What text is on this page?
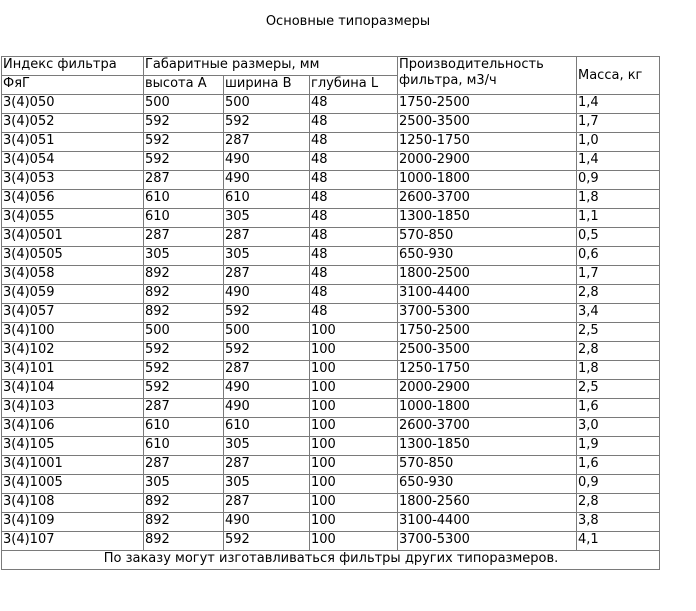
Основные типоразмеры
Индекс фильтра	Габаритные размеры, мм			Производительность фильтра, м3/ч	Масса, кг
ФяГ	высота А	ширина В	глубина L		
3(4)050	500	500	48	1750-2500	1,4
3(4)052	592	592	48	2500-3500	1,7
3(4)051	592	287	48	1250-1750	1,0
3(4)054	592	490	48	2000-2900	1,4
3(4)053	287	490	48	1000-1800	0,9
3(4)056	610	610	48	2600-3700	1,8
3(4)055	610	305	48	1300-1850	1,1
3(4)0501	287	287	48	570-850	0,5
3(4)0505	305	305	48	650-930	0,6
3(4)058	892	287	48	1800-2500	1,7
3(4)059	892	490	48	3100-4400	2,8
3(4)057	892	592	48	3700-5300	3,4
3(4)100	500	500	100	1750-2500	2,5
3(4)102	592	592	100	2500-3500	2,8
3(4)101	592	287	100	1250-1750	1,8
3(4)104	592	490	100	2000-2900	2,5
3(4)103	287	490	100	1000-1800	1,6
3(4)106	610	610	100	2600-3700	3,0
3(4)105	610	305	100	1300-1850	1,9
3(4)1001	287	287	100	570-850	1,6
3(4)1005	305	305	100	650-930	0,9
3(4)108	892	287	100	1800-2560	2,8
3(4)109	892	490	100	3100-4400	3,8
3(4)107	892	592	100	3700-5300	4,1
По заказу могут изготавливаться фильтры других типоразмеров.					
